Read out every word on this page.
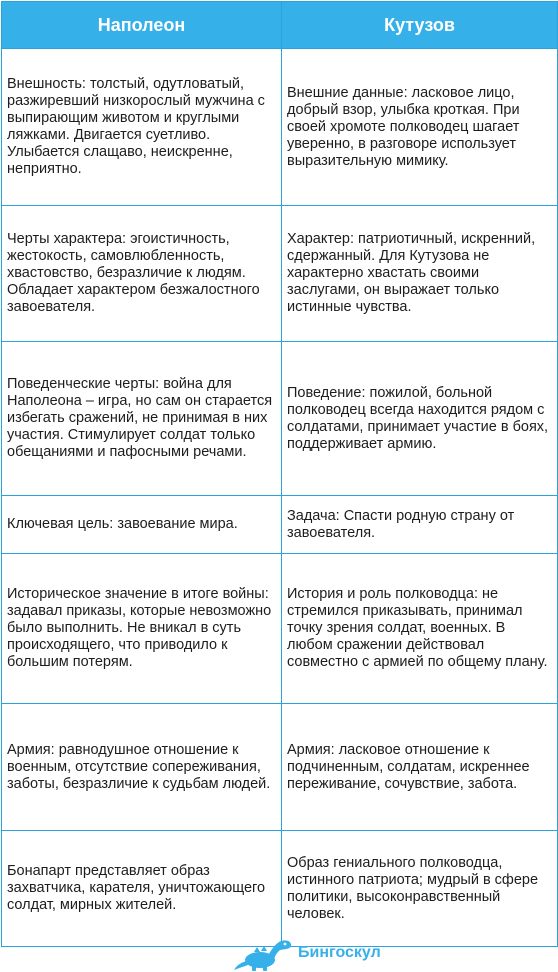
Наполеон	Кутузов
Внешность: толстый, одутловатый, разжиревший низкорослый мужчина с выпирающим животом и круглыми ляжками. Двигается суетливо. Улыбается слащаво, неискренне, неприятно.	Внешние данные: ласковое лицо, добрый взор, улыбка кроткая. При своей хромоте полководец шагает уверенно, в разговоре использует выразительную мимику.
Черты характера: эгоистичность, жестокость, самовлюбленность, хвастовство, безразличие к людям. Обладает характером безжалостного завоевателя.	Характер: патриотичный, искренний, сдержанный. Для Кутузова не характерно хвастать своими заслугами, он выражает только истинные чувства.
Поведенческие черты: война для Наполеона – игра, но сам он старается избегать сражений, не принимая в них участия. Стимулирует солдат только обещаниями и пафосными речами.	Поведение: пожилой, больной полководец всегда находится рядом с солдатами, принимает участие в боях, поддерживает армию.
Ключевая цель: завоевание мира.	Задача: Спасти родную страну от завоевателя.
Историческое значение в итоге войны: задавал приказы, которые невозможно было выполнить. Не вникал в суть происходящего, что приводило к большим потерям.	История и роль полководца: не стремился приказывать, принимал точку зрения солдат, военных. В любом сражении действовал совместно с армией по общему плану.
Армия: равнодушное отношение к военным, отсутствие сопереживания, заботы, безразличие к судьбам людей.	Армия: ласковое отношение к подчиненным, солдатам, искреннее переживание, сочувствие, забота.
Бонапарт представляет образ захватчика, карателя, уничтожающего солдат, мирных жителей.	Образ гениального полководца, истинного патриота; мудрый в сфере политики, высоконравственный человек.
Бингоскул
